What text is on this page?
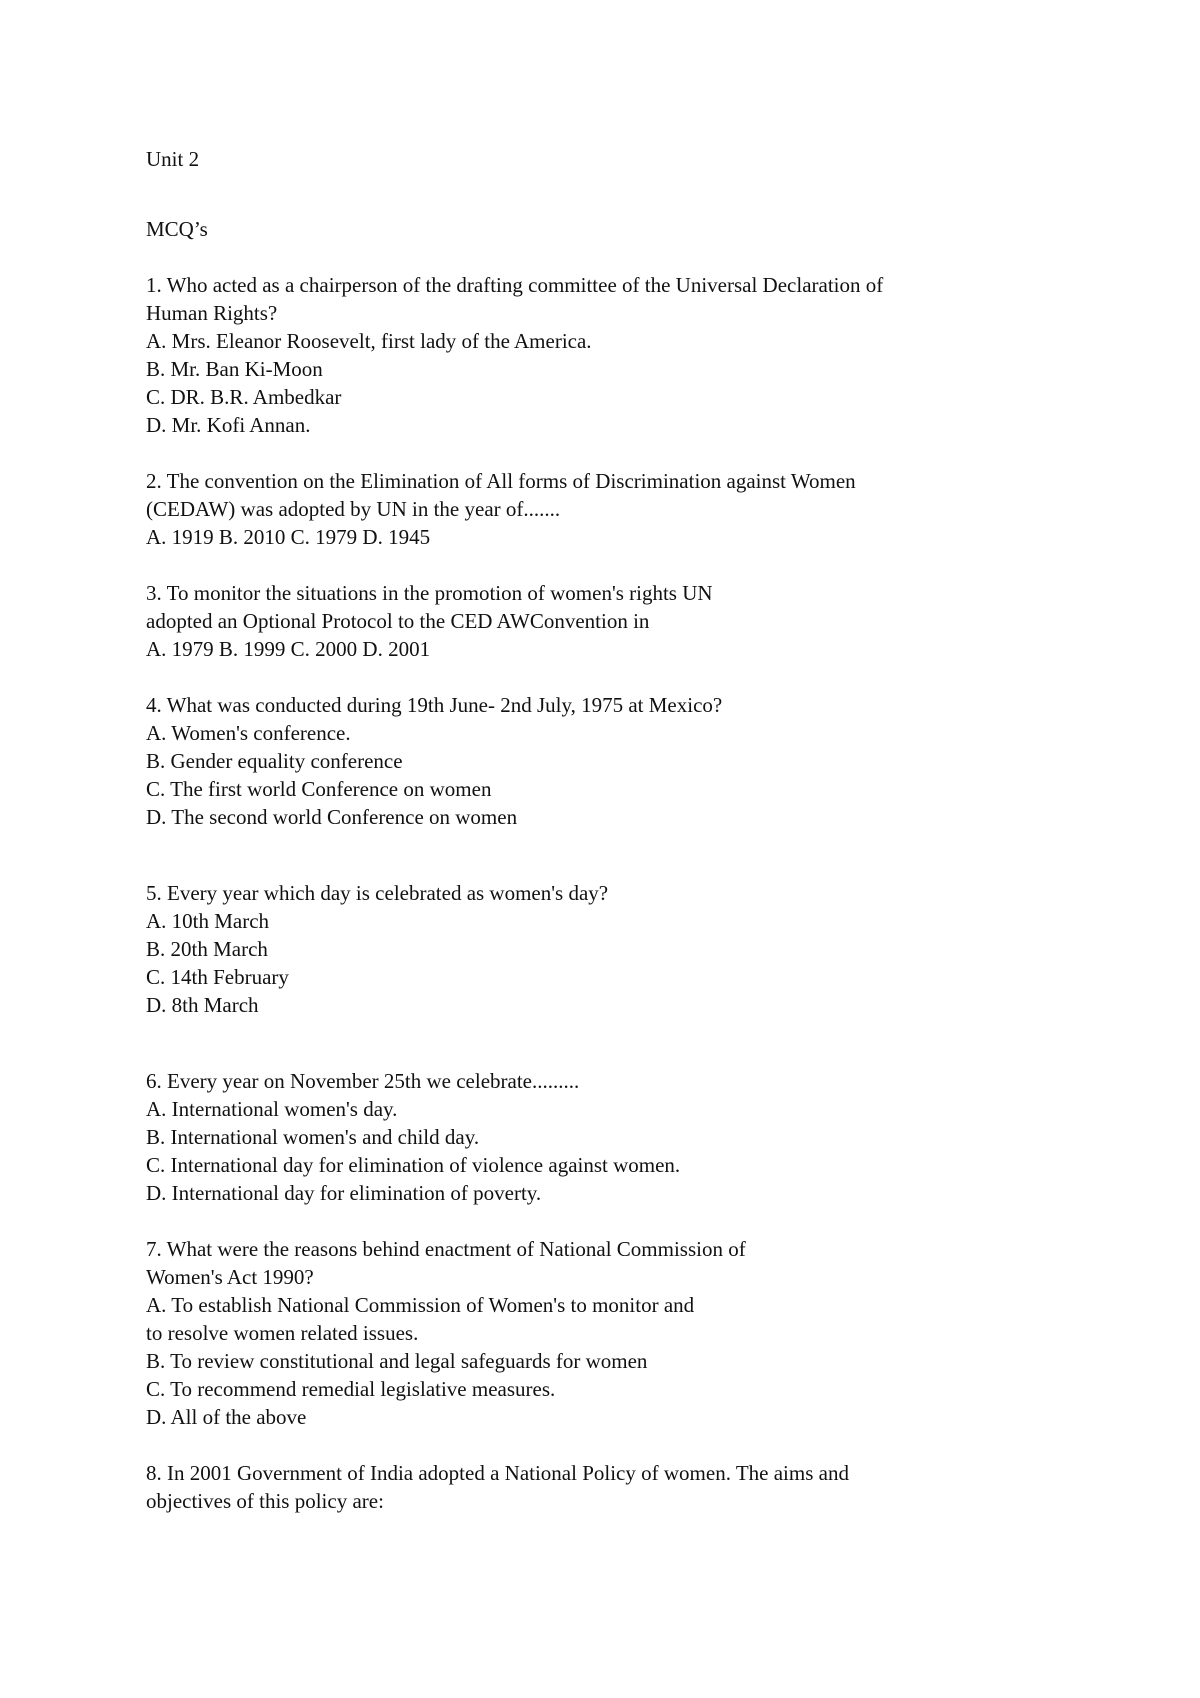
Unit 2
MCQ’s
1. Who acted as a chairperson of the drafting committee of the Universal Declaration of
Human Rights?
A. Mrs. Eleanor Roosevelt, first lady of the America.
B. Mr. Ban Ki-Moon
C. DR. B.R. Ambedkar
D. Mr. Kofi Annan.
2. The convention on the Elimination of All forms of Discrimination against Women
(CEDAW) was adopted by UN in the year of.......
A. 1919 B. 2010 C. 1979 D. 1945
3. To monitor the situations in the promotion of women's rights UN
adopted an Optional Protocol to the CED AWConvention in
A. 1979 B. 1999 C. 2000 D. 2001
4. What was conducted during 19th June- 2nd July, 1975 at Mexico?
A. Women's conference.
B. Gender equality conference
C. The first world Conference on women
D. The second world Conference on women
5. Every year which day is celebrated as women's day?
A. 10th March
B. 20th March
C. 14th February
D. 8th March
6. Every year on November 25th we celebrate.........
A. International women's day.
B. International women's and child day.
C. International day for elimination of violence against women.
D. International day for elimination of poverty.
7. What were the reasons behind enactment of National Commission of
Women's Act 1990?
A. To establish National Commission of Women's to monitor and
to resolve women related issues.
B. To review constitutional and legal safeguards for women
C. To recommend remedial legislative measures.
D. All of the above
8. In 2001 Government of India adopted a National Policy of women. The aims and
objectives of this policy are:
